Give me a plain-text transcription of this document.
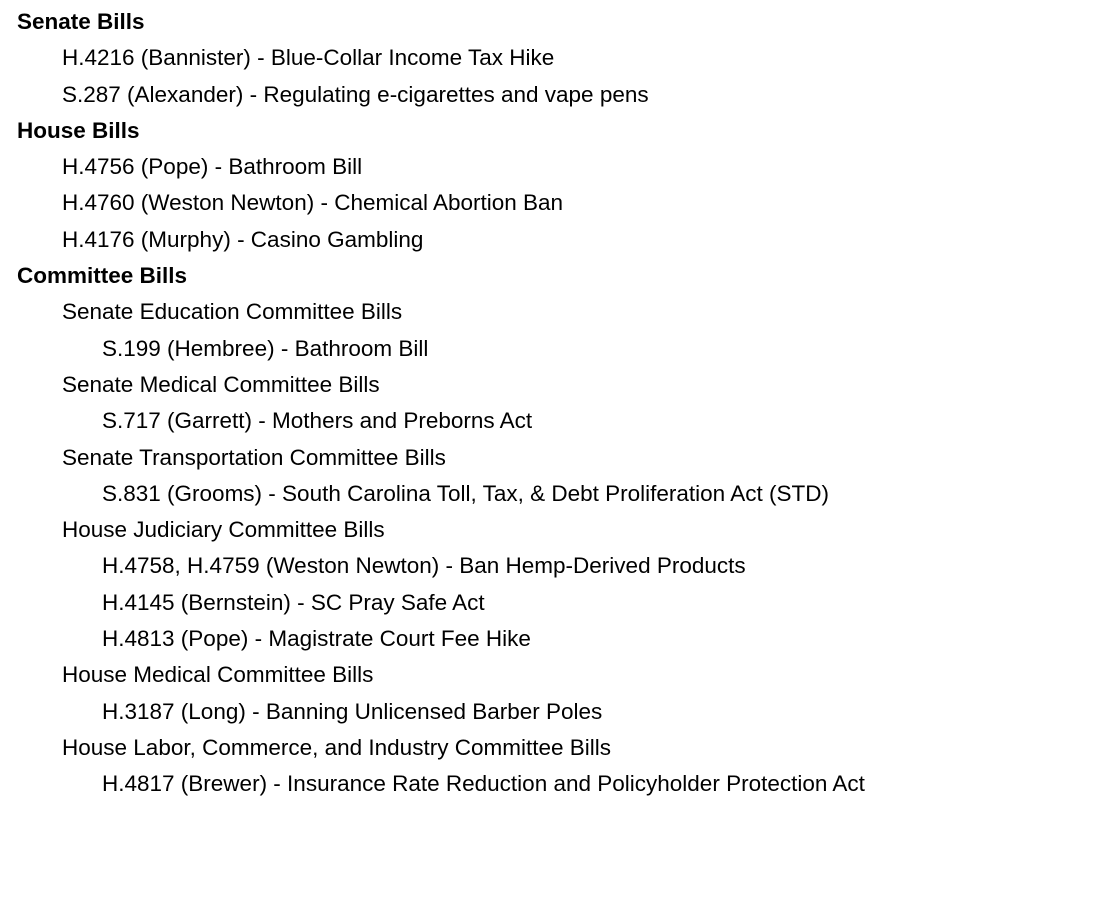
Senate Bills
H.4216 (Bannister) - Blue-Collar Income Tax Hike
S.287 (Alexander) - Regulating e-cigarettes and vape pens
House Bills
H.4756 (Pope) - Bathroom Bill
H.4760 (Weston Newton) - Chemical Abortion Ban
H.4176 (Murphy) - Casino Gambling
Committee Bills
Senate Education Committee Bills
S.199 (Hembree) - Bathroom Bill
Senate Medical Committee Bills
S.717 (Garrett) - Mothers and Preborns Act
Senate Transportation Committee Bills
S.831 (Grooms) - South Carolina Toll, Tax, & Debt Proliferation Act (STD)
House Judiciary Committee Bills
H.4758, H.4759 (Weston Newton) - Ban Hemp-Derived Products
H.4145 (Bernstein) - SC Pray Safe Act
H.4813 (Pope) - Magistrate Court Fee Hike
House Medical Committee Bills
H.3187 (Long) - Banning Unlicensed Barber Poles
House Labor, Commerce, and Industry Committee Bills
H.4817 (Brewer) - Insurance Rate Reduction and Policyholder Protection Act
